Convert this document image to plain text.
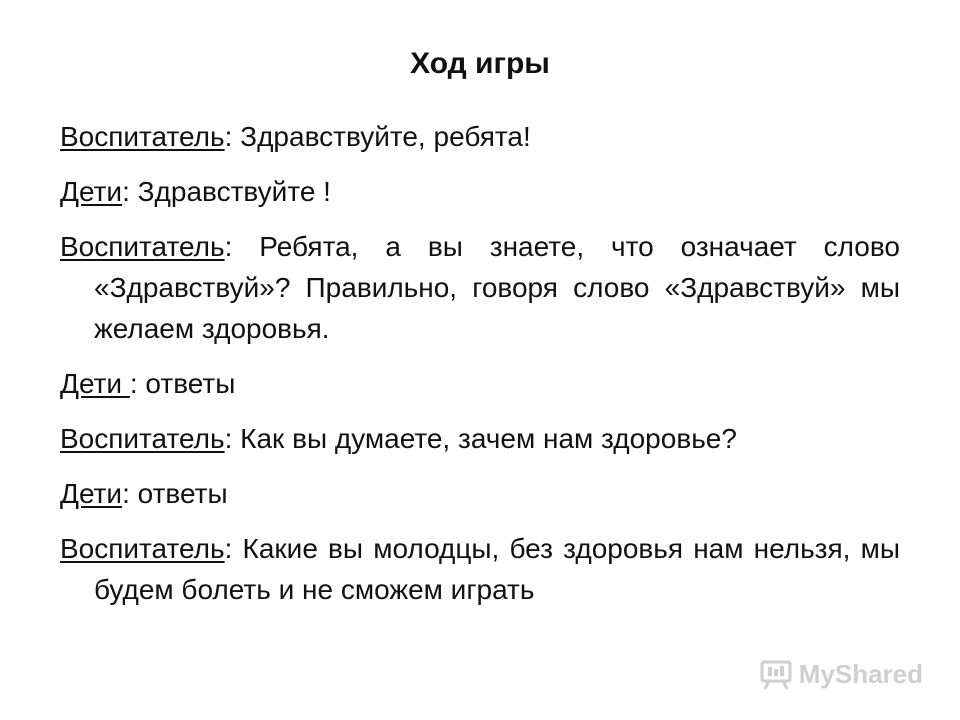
Ход игры

Воспитатель: Здравствуйте, ребята!

Дети: Здравствуйте !

Воспитатель: Ребята, а вы знаете, что означает слово «Здравствуй»? Правильно, говоря слово «Здравствуй» мы желаем здоровья.

Дети : ответы

Воспитатель: Как вы думаете, зачем нам здоровье?

Дети: ответы

Воспитатель: Какие вы молодцы, без здоровья нам нельзя, мы будем болеть и не сможем играть

MyShared
